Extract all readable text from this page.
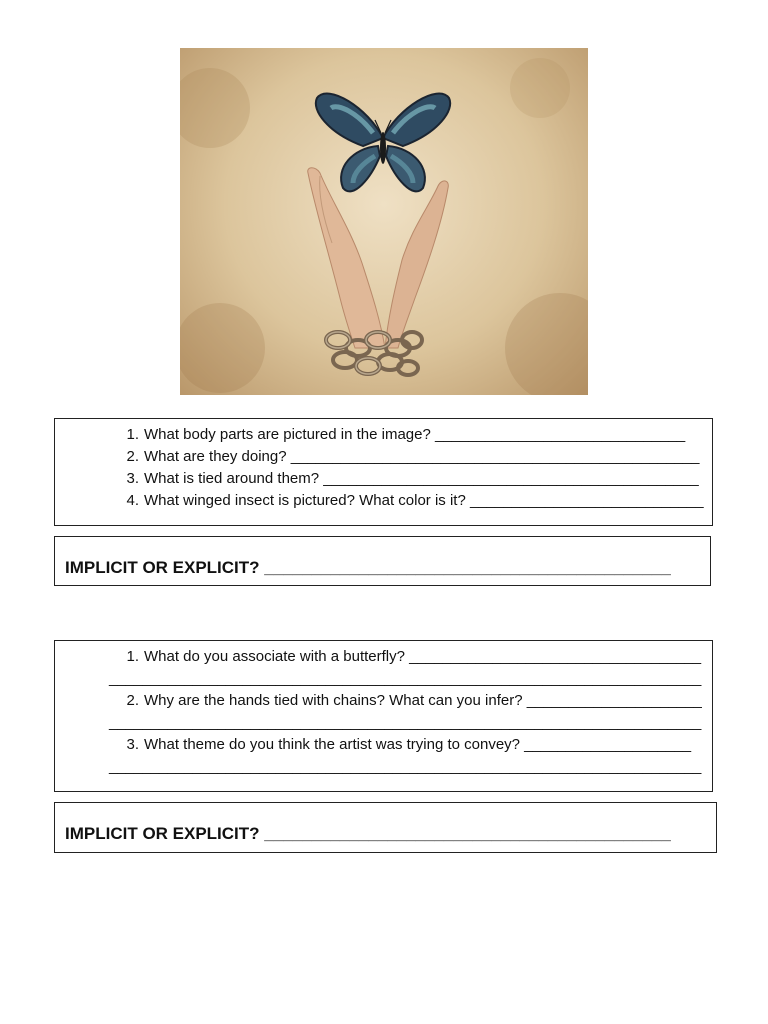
1. What body parts are pictured in the image? ______________________________
2. What are they doing? _________________________________________________
3. What is tied around them? _____________________________________________
4. What winged insect is pictured? What color is it? ____________________________
IMPLICIT OR EXPLICIT? ___________________________________________
1. What do you associate with a butterfly? ___________________________________
_______________________________________________________________________
2. Why are the hands tied with chains? What can you infer? _____________________
_______________________________________________________________________
3. What theme do you think the artist was trying to convey? ____________________
_______________________________________________________________________
IMPLICIT OR EXPLICIT? ___________________________________________
